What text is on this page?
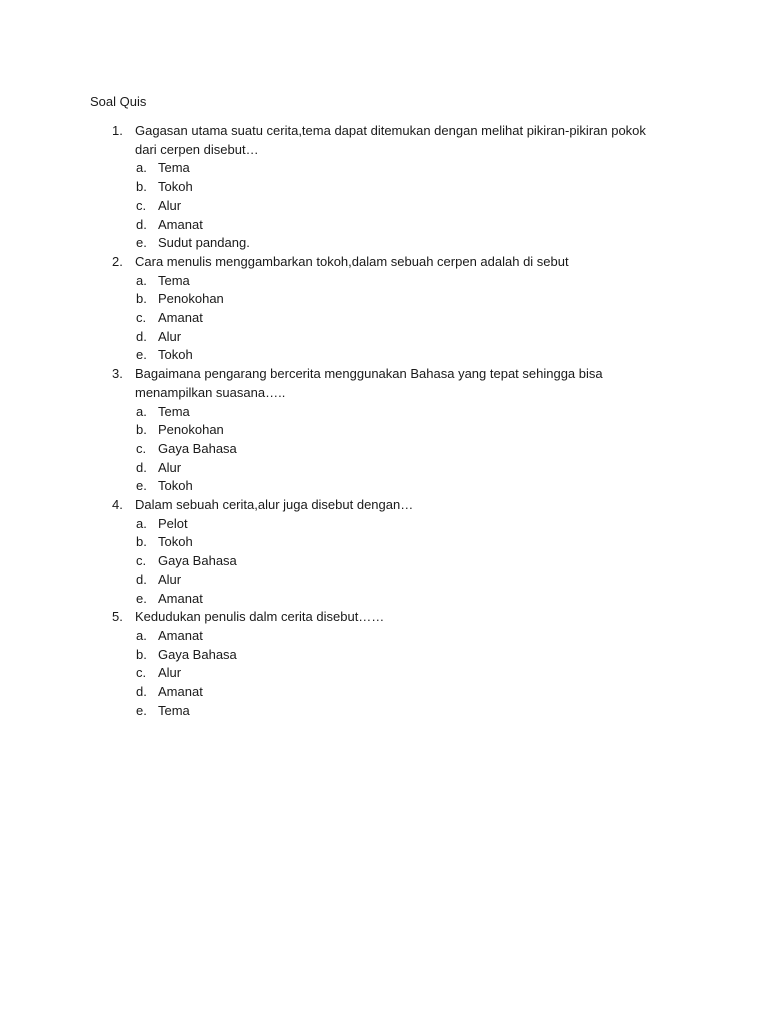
Soal Quis
1. Gagasan utama suatu cerita,tema dapat ditemukan dengan melihat pikiran-pikiran pokok dari cerpen disebut…
a. Tema
b. Tokoh
c. Alur
d. Amanat
e. Sudut pandang.
2. Cara menulis menggambarkan tokoh,dalam sebuah cerpen adalah di sebut
a. Tema
b. Penokohan
c. Amanat
d. Alur
e. Tokoh
3. Bagaimana pengarang bercerita menggunakan Bahasa yang tepat sehingga bisa menampilkan suasana…..
a. Tema
b. Penokohan
c. Gaya Bahasa
d. Alur
e. Tokoh
4. Dalam sebuah cerita,alur juga disebut dengan…
a. Pelot
b. Tokoh
c. Gaya Bahasa
d. Alur
e. Amanat
5. Kedudukan penulis dalm cerita disebut……
a. Amanat
b. Gaya Bahasa
c. Alur
d. Amanat
e. Tema
